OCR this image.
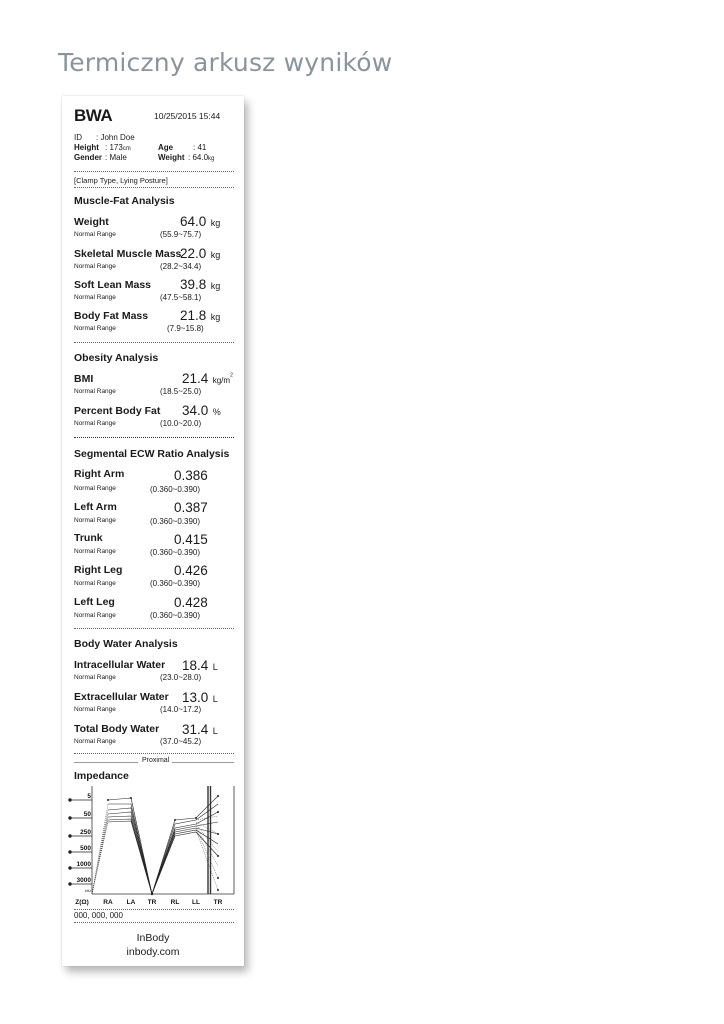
Termiczny arkusz wyników
BWA	10/25/2015 15:44
ID : John Doe
Height : 173cm	Age : 41
Gender : Male	Weight : 64.0kg
[Clamp Type, Lying Posture]
Muscle-Fat Analysis
Weight	64.0 kg
Normal Range	(55.9~75.7)
Skeletal Muscle Mass
22.0 kg
Normal Range	(28.2~34.4)
Soft Lean Mass 39.8 kg
Normal Range	(47.5~58.1)
Body Fat Mass 21.8 kg
Normal Range	(7.9~15.8)
Obesity Analysis
BMI	21.4 $kg/m^2$
Normal Range	(18.5~25.0)
Percent Body Fat 34.0 %
Normal Range	(10.0~20.0)
Segmental ECW Ratio Analysis
Right Arm	0.386
Normal Range	(0.360~0.390)
Left Arm	0.387
Normal Range	(0.360~0.390)
Trunk	0.415
Normal Range	(0.360~0.390)
Right Leg	0.426
Normal Range	(0.360~0.390)
Left Leg	0.428
Normal Range	(0.360~0.390)
Body Water Analysis
Intracellular Water 18.4 L
Normal Range	(23.0~28.0)
Extracellular Water 13.0 L
Normal Range	(14.0~17.2)
Total Body Water 31.4 L
Normal Range	(37.0~45.2)
Proximal
Impedance
5
50
250
500
1000
3000
kHz
Z(Ω) RA LA TR RL LL TR
000, 000, 000
InBody
inbody.com
